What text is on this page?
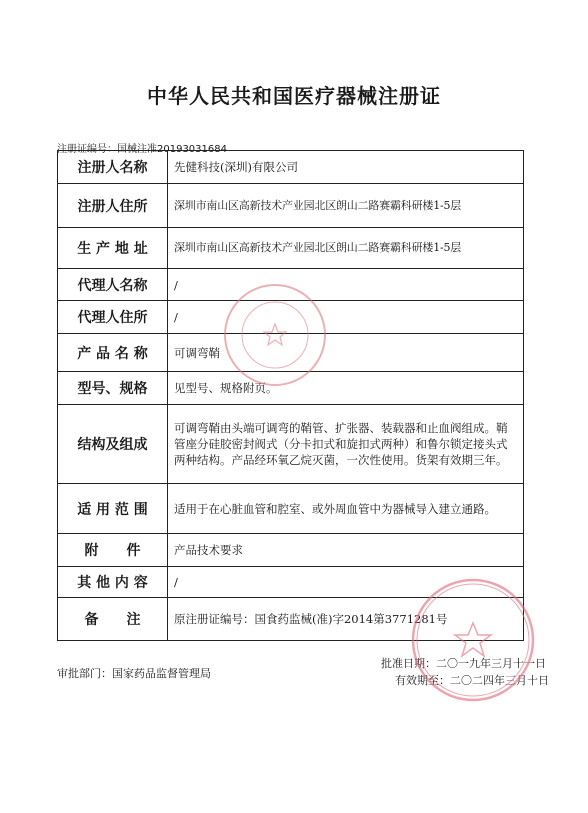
中华人民共和国医疗器械注册证
注册证编号：国械注准20193031684
注册人名称	先健科技(深圳)有限公司
注册人住所	深圳市南山区高新技术产业园北区朗山二路赛霸科研楼1-5层
生 产 地 址	深圳市南山区高新技术产业园北区朗山二路赛霸科研楼1-5层
代理人名称	/
代理人住所	/
产 品 名 称	可调弯鞘
型号、规格	见型号、规格附页。
结构及组成	可调弯鞘由头端可调弯的鞘管、扩张器、装载器和止血阀组成。鞘管座分硅胶密封阀式（分卡扣式和旋扣式两种）和鲁尔锁定接头式两种结构。产品经环氧乙烷灭菌，一次性使用。货架有效期三年。
适 用 范 围	适用于在心脏血管和腔室、或外周血管中为器械导入建立通路。
附　　件	产品技术要求
其 他 内 容	/
备　　注	原注册证编号：国食药监械(准)字2014第3771281号
审批部门：国家药品监督管理局
批准日期：二〇一九年三月十一日
有效期至：二〇二四年三月十日
